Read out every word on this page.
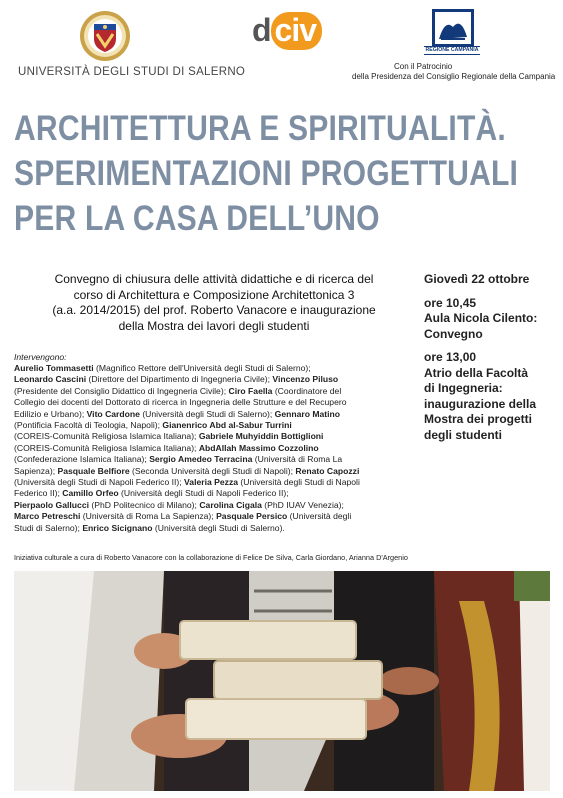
UNIVERSITÀ DEGLI STUDI DI SALERNO
d civ
REGIONE CAMPANIA
Con il Patrocinio
della Presidenza del Consiglio Regionale della Campania
ARCHITETTURA E SPIRITUALITÀ.
SPERIMENTAZIONI PROGETTUALI
PER LA CASA DELL’UNO
Convegno di chiusura delle attività didattiche e di ricerca del
corso di Architettura e Composizione Architettonica 3
(a.a. 2014/2015) del prof. Roberto Vanacore e inaugurazione
della Mostra dei lavori degli studenti
Giovedì 22 ottobre
ore 10,45
Aula Nicola Cilento:
Convegno
ore 13,00
Atrio della Facoltà
di Ingegneria:
inaugurazione della
Mostra dei progetti
degli studenti
Intervengono:
Aurelio Tommasetti (Magnifico Rettore dell'Università degli Studi di Salerno);
Leonardo Cascini (Direttore del Dipartimento di Ingegneria Civile); Vincenzo Piluso
(Presidente del Consiglio Didattico di Ingegneria Civile); Ciro Faella (Coordinatore del
Collegio dei docenti del Dottorato di ricerca in Ingegneria delle Strutture e del Recupero
Edilizio e Urbano); Vito Cardone (Università degli Studi di Salerno); Gennaro Matino
(Pontificia Facoltà di Teologia, Napoli); Gianenrico Abd al-Sabur Turrini
(COREIS-Comunità Religiosa Islamica Italiana); Gabriele Muhyiddin Bottiglioni
(COREIS-Comunità Religiosa Islamica Italiana); AbdAllah Massimo Cozzolino
(Confederazione Islamica Italiana); Sergio Amedeo Terracina (Università di Roma La
Sapienza); Pasquale Belfiore (Seconda Università degli Studi di Napoli); Renato Capozzi
(Università degli Studi di Napoli Federico II); Valeria Pezza (Università degli Studi di Napoli
Federico II); Camillo Orfeo (Università degli Studi di Napoli Federico II);
Pierpaolo Gallucci (PhD Politecnico di Milano); Carolina Cigala (PhD IUAV Venezia);
Marco Petreschi (Università di Roma La Sapienza); Pasquale Persico (Università degli
Studi di Salerno); Enrico Sicignano (Università degli Studi di Salerno).
Iniziativa culturale a cura di Roberto Vanacore con la collaborazione di Felice De Silva, Carla Giordano, Arianna D'Argenio
